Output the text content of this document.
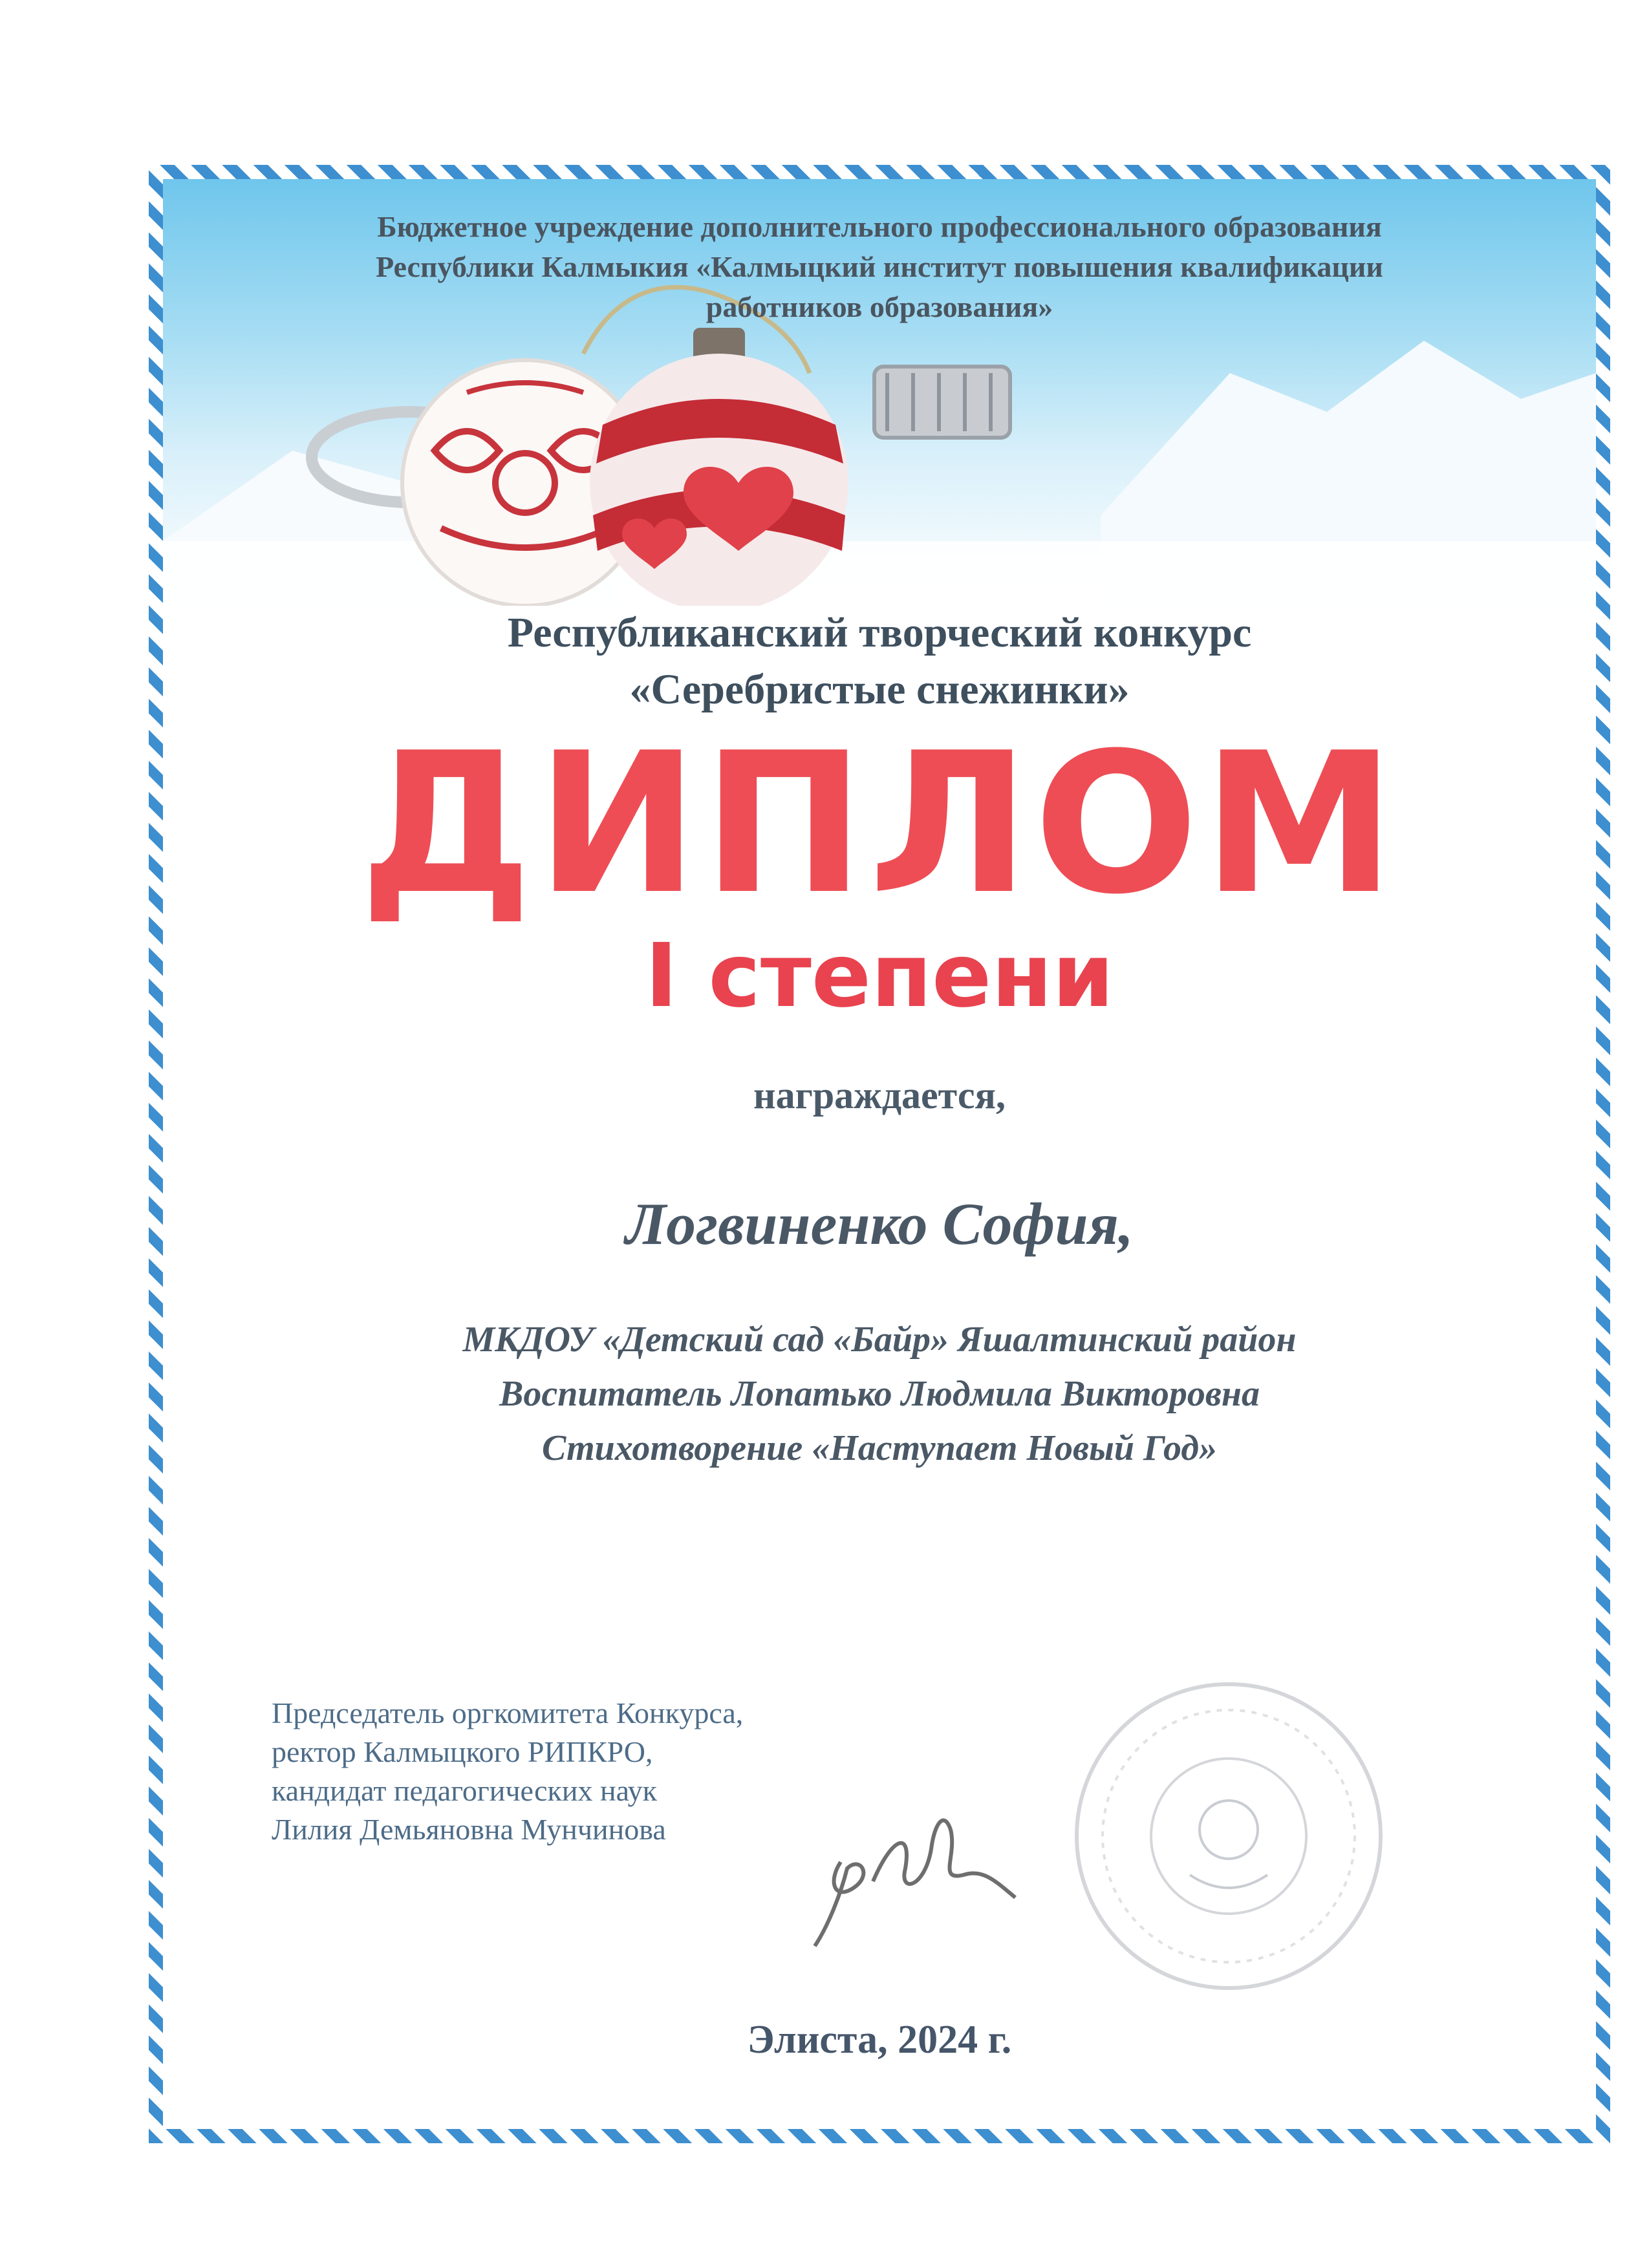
Бюджетное учреждение дополнительного профессионального образования
Республики Калмыкия «Калмыцкий институт повышения квалификации
работников образования»

Республиканский творческий конкурс
«Серебристые снежинки»

ДИПЛОМ

I степени

награждается,

Логвиненко София,

МКДОУ «Детский сад «Байр» Яшалтинский район
Воспитатель Лопатько Людмила Викторовна
Стихотворение «Наступает Новый Год»

Председатель оргкомитета Конкурса,
ректор Калмыцкого РИПКРО,
кандидат педагогических наук
Лилия Демьяновна Мунчинова

Элиста, 2024 г.
